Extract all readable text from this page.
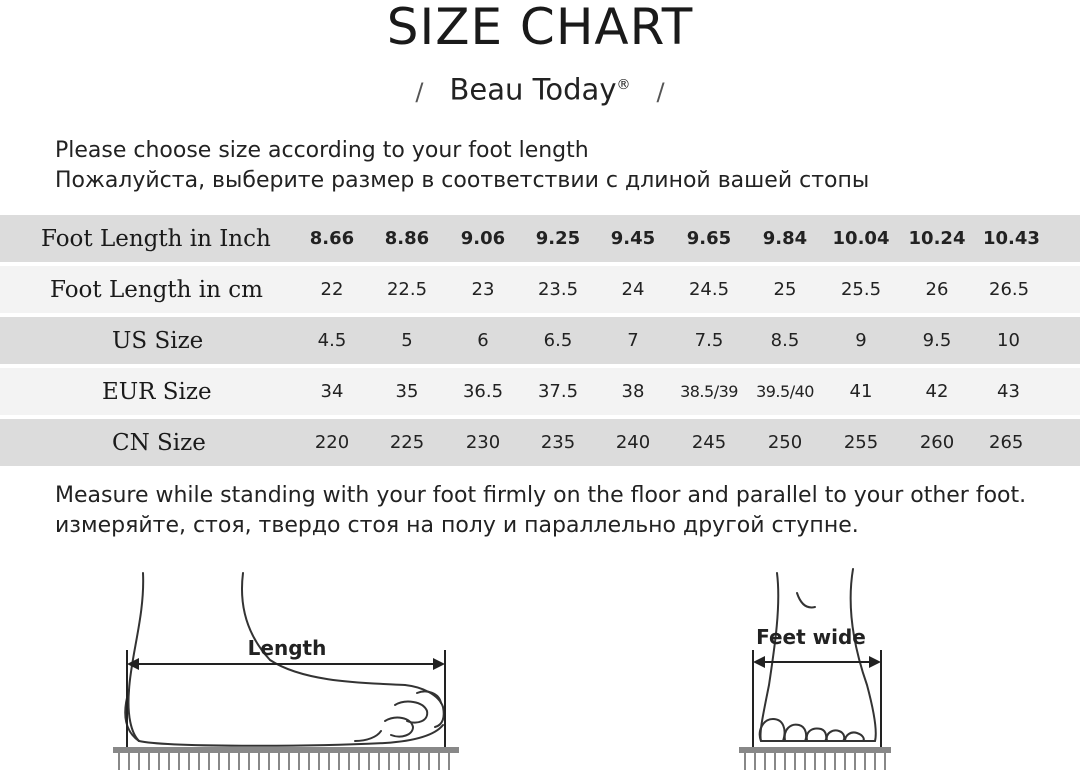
SIZE CHART
/ Beau Today® /
Please choose size according to your foot length
Пожалуйста, выберите размер в соответствии с длиной вашей стопы
Foot Length in Inch	8.66	8.86	9.06	9.25	9.45	9.65	9.84	10.04	10.24	10.43
Foot Length in cm	22	22.5	23	23.5	24	24.5	25	25.5	26	26.5
US Size	4.5	5	6	6.5	7	7.5	8.5	9	9.5	10
EUR Size	34	35	36.5	37.5	38	38.5/39	39.5/40	41	42	43
CN Size	220	225	230	235	240	245	250	255	260	265
Measure while standing with your foot firmly on the floor and parallel to your other foot.
измеряйте, стоя, твердо стоя на полу и параллельно другой ступне.
Length	Feet wide
